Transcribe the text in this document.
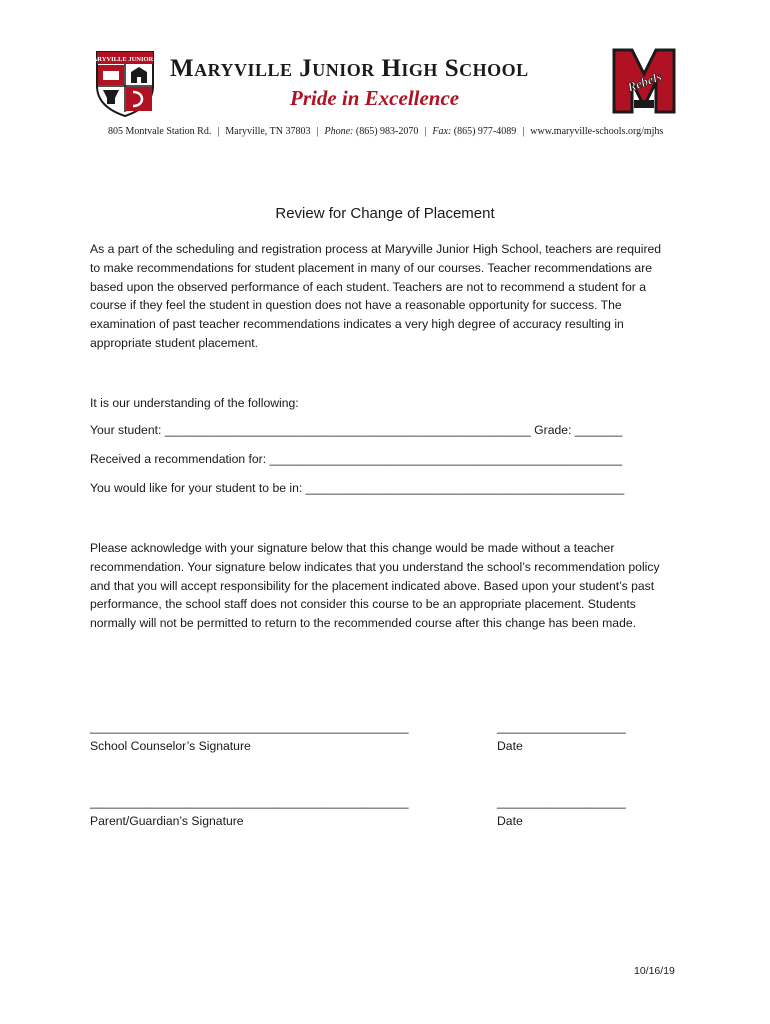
MARYVILLE JUNIOR HS Maryville Junior High School
Pride in Excellence
Rebels
805 Montvale Station Rd. | Maryville, TN 37803 | Phone: (865) 983-2070 | Fax: (865) 977-4089 | www.maryville-schools.org/mjhs
Review for Change of Placement
As a part of the scheduling and registration process at Maryville Junior High School, teachers are required to make recommendations for student placement in many of our courses. Teacher recommendations are based upon the observed performance of each student. Teachers are not to recommend a student for a course if they feel the student in question does not have a reasonable opportunity for success. The examination of past teacher recommendations indicates a very high degree of accuracy resulting in appropriate student placement.
It is our understanding of the following:
Your student: ______________________________________________________ Grade: _______
Received a recommendation for: ____________________________________________________
You would like for your student to be in: _______________________________________________
Please acknowledge with your signature below that this change would be made without a teacher recommendation. Your signature below indicates that you understand the school’s recommendation policy and that you will accept responsibility for the placement indicated above. Based upon your student’s past performance, the school staff does not consider this course to be an appropriate placement. Students normally will not be permitted to return to the recommended course after this change has been made.
_______________________________________________
School Counselor’s Signature
___________________
Date
_______________________________________________
Parent/Guardian’s Signature
___________________
Date
10/16/19
